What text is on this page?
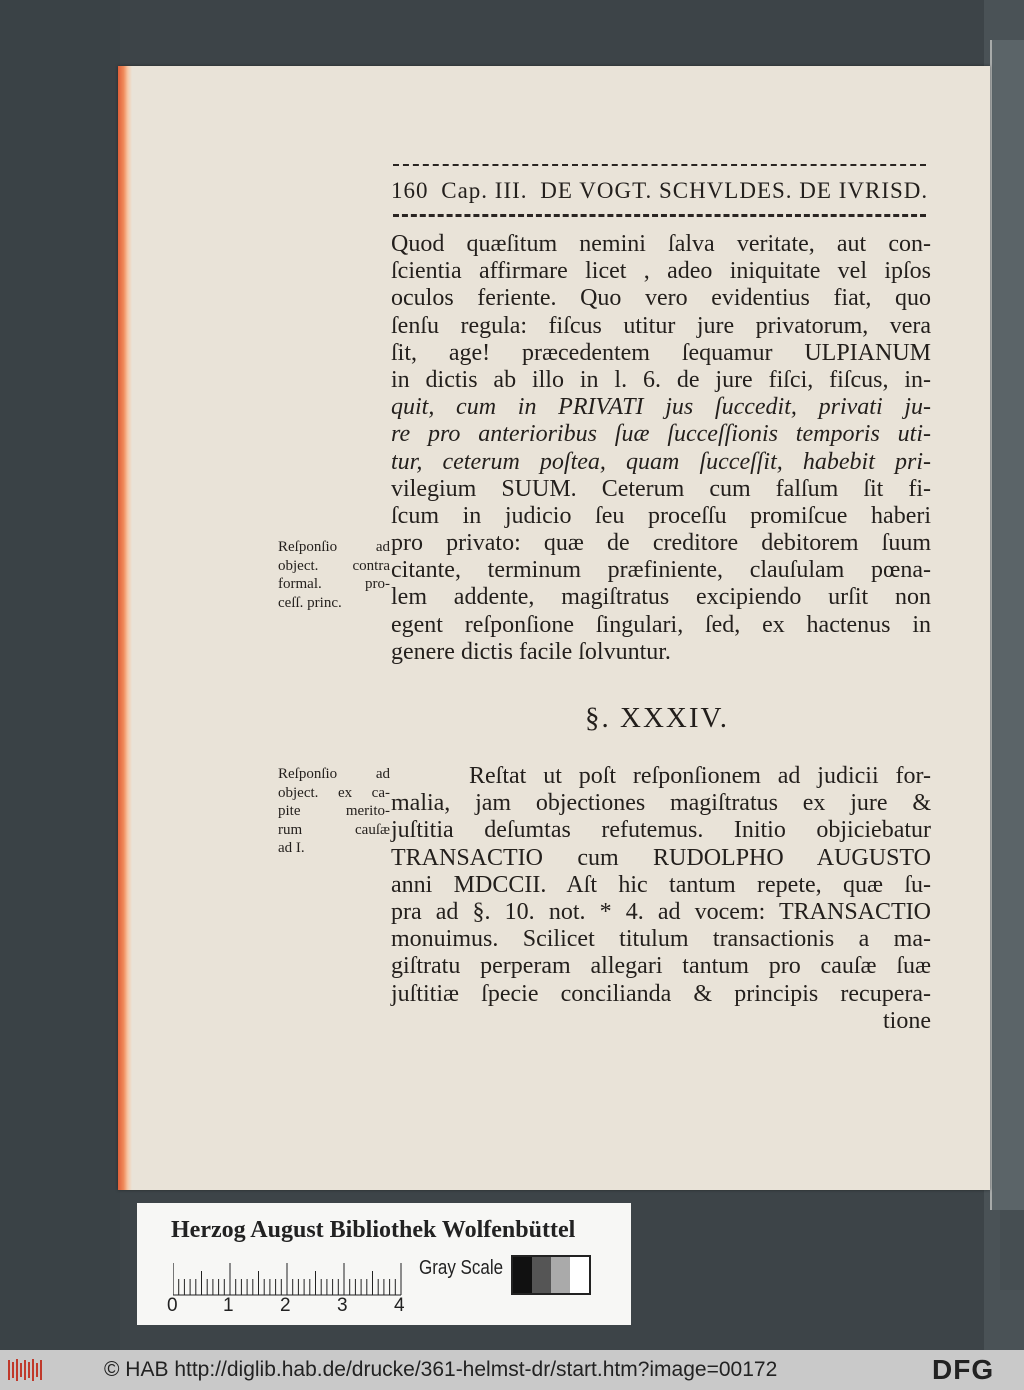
160 Cap. III. DE VOGT. SCHVLDES. DE IVRISD.
Quod quæſitum nemini ſalva veritate, aut con-
ſcientia affirmare licet , adeo iniquitate vel ipſos
oculos feriente. Quo vero evidentius fiat, quo
ſenſu regula: fiſcus utitur jure privatorum, vera
ſit, age! præcedentem ſequamur ULPIANUM
in dictis ab illo in l. 6. de jure fiſci, fiſcus, in-
quit, cum in PRIVATI jus ſuccedit, privati ju-
re pro anterioribus ſuæ ſucceſſionis temporis uti-
tur, ceterum poſtea, quam ſucceſſit, habebit pri-
vilegium SUUM. Ceterum cum falſum ſit fi-
ſcum in judicio ſeu proceſſu promiſcue haberi
pro privato: quæ de creditore debitorem ſuum
citante, terminum præfiniente, clauſulam pœna-
lem addente, magiſtratus excipiendo urſit non
egent reſponſione ſingulari, ſed, ex hactenus in
genere dictis facile ſolvuntur.
Reſponſio ad
object. contra
formal. pro-
ceſſ. princ.
§. XXXIV.
Reſtat ut poſt reſponſionem ad judicii for-
malia, jam objectiones magiſtratus ex jure &
juſtitia deſumtas refutemus. Initio objiciebatur
TRANSACTIO cum RUDOLPHO AUGUSTO
anni MDCCII. Aſt hic tantum repete, quæ ſu-
pra ad §. 10. not. * 4. ad vocem: TRANSACTIO
monuimus. Scilicet titulum transactionis a ma-
giſtratu perperam allegari tantum pro cauſæ ſuæ
juſtitiæ ſpecie concilianda & principis recupera-
tione
Reſponſio ad
object. ex ca-
pite merito-
rum cauſæ
ad I.
Herzog August Bibliothek Wolfenbüttel
0 1 2 3 4
Gray Scale
© HAB http://diglib.hab.de/drucke/361-helmst-dr/start.htm?image=00172	DFG
